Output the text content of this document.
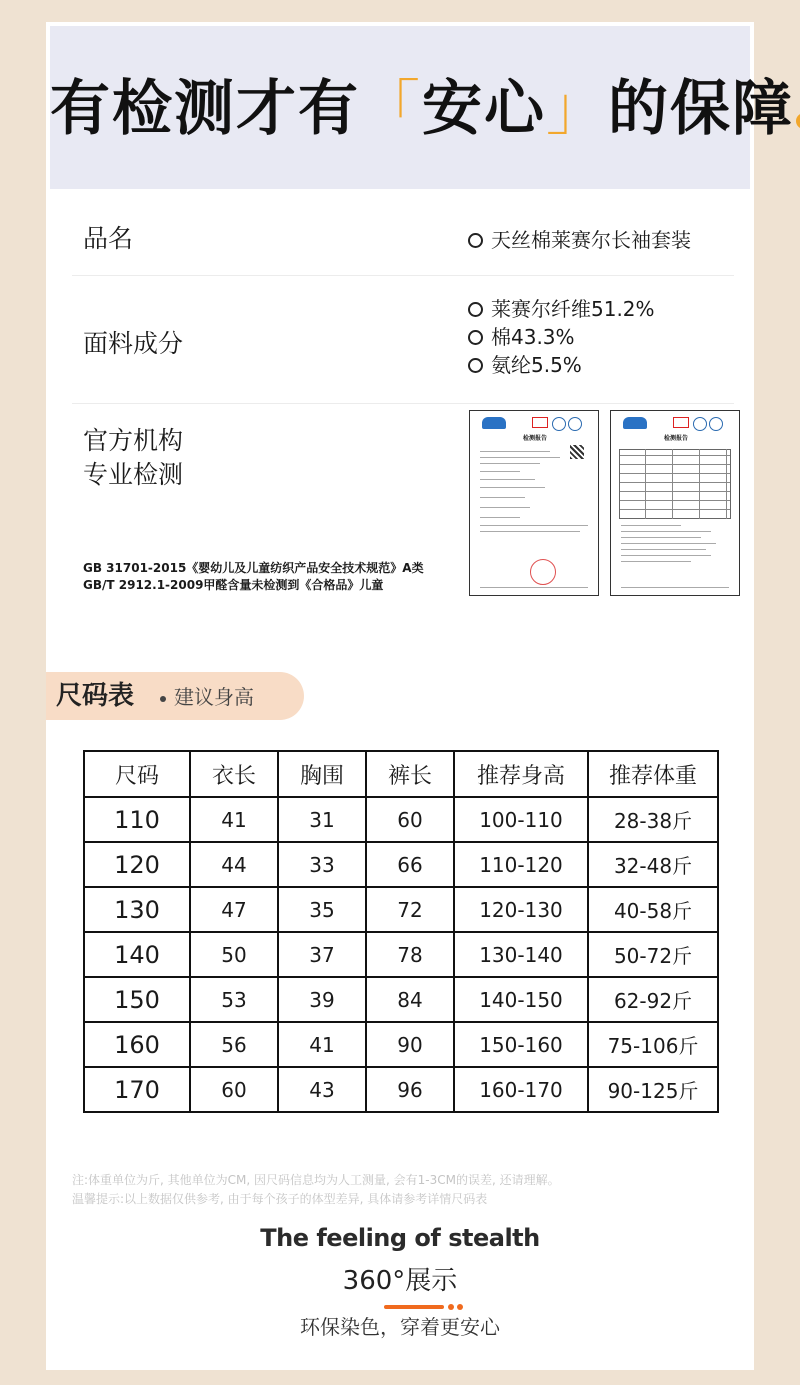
有检测才有「安心」的保障
品名	天丝棉莱赛尔长袖套装
面料成分
莱赛尔纤维51.2%
棉43.3%
氨纶5.5%
官方机构
专业检测
GB 31701-2015《婴幼儿及儿童纺织产品安全技术规范》A类
GB/T 2912.1-2009甲醛含量未检测到《合格品》儿童
检测报告	检测报告
尺码表	建议身高
尺码	衣长	胸围	裤长	推荐身高	推荐体重
110	41	31	60	100-110	28-38斤
120	44	33	66	110-120	32-48斤
130	47	35	72	120-130	40-58斤
140	50	37	78	130-140	50-72斤
150	53	39	84	140-150	62-92斤
160	56	41	90	150-160	75-106斤
170	60	43	96	160-170	90-125斤
注:体重单位为斤, 其他单位为CM, 因尺码信息均为人工测量, 会有1-3CM的误差, 还请理解。
温馨提示:以上数据仅供参考, 由于每个孩子的体型差异, 具体请参考详情尺码表
The feeling of stealth
360°展示
环保染色，穿着更安心
